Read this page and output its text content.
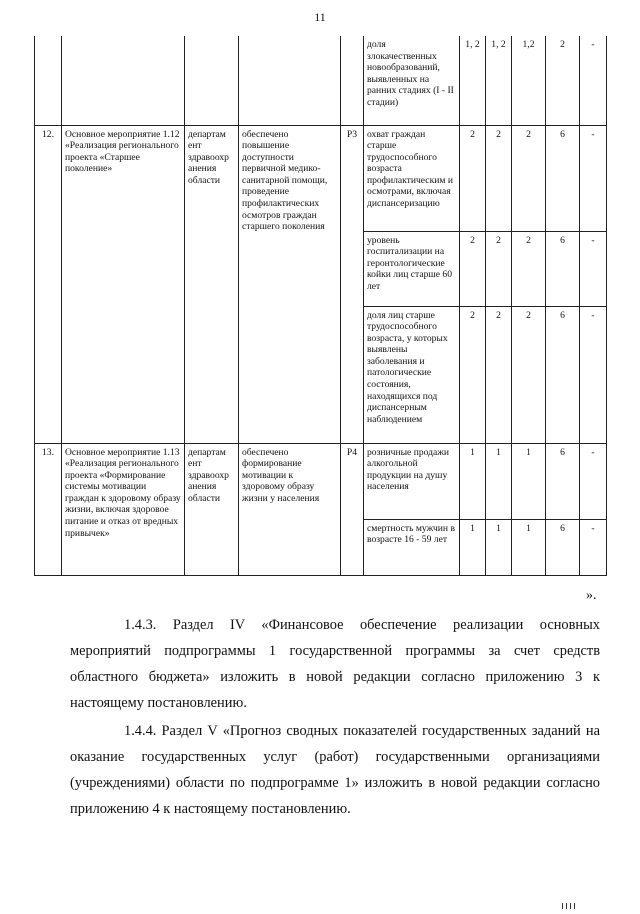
11
					доля злокачественных новообразований, выявленных на ранних стадиях (I - II стадии)	1, 2	1, 2	1,2	2	-
12.	Основное мероприятие 1.12 «Реализация регионального проекта «Старшее поколение»	департам
ент
здравоохр
анения
области	обеспечено повышение доступности первичной медико-санитарной помощи, проведение профилактических осмотров граждан старшего поколения	Р3	охват граждан старше трудоспособного возраста профилактическим и осмотрами, включая диспансеризацию	2	2	2	6	-
					уровень госпитализации на геронтологические койки лиц старше 60 лет	2	2	2	6	-
					доля лиц старше трудоспособного возраста, у которых выявлены заболевания и патологические состояния, находящихся под диспансерным наблюдением	2	2	2	6	-
13.	Основное мероприятие 1.13 «Реализация регионального проекта «Формирование системы мотивации граждан к здоровому образу жизни, включая здоровое питание и отказ от вредных привычек»	департам
ент
здравоохр
анения
области	обеспечено формирование мотивации к здоровому образу жизни у населения	Р4	розничные продажи алкогольной продукции на душу населения	1	1	1	6	-
					смертность мужчин в возрасте 16 - 59 лет	1	1	1	6	-
».
1.4.3. Раздел IV «Финансовое обеспечение реализации основных мероприятий подпрограммы 1 государственной программы за счет средств областного бюджета» изложить в новой редакции согласно приложению 3 к настоящему постановлению.
1.4.4. Раздел V «Прогноз сводных показателей государственных заданий на оказание государственных услуг (работ) государственными организациями (учреждениями) области по подпрограмме 1» изложить в новой редакции согласно приложению 4 к настоящему постановлению.
